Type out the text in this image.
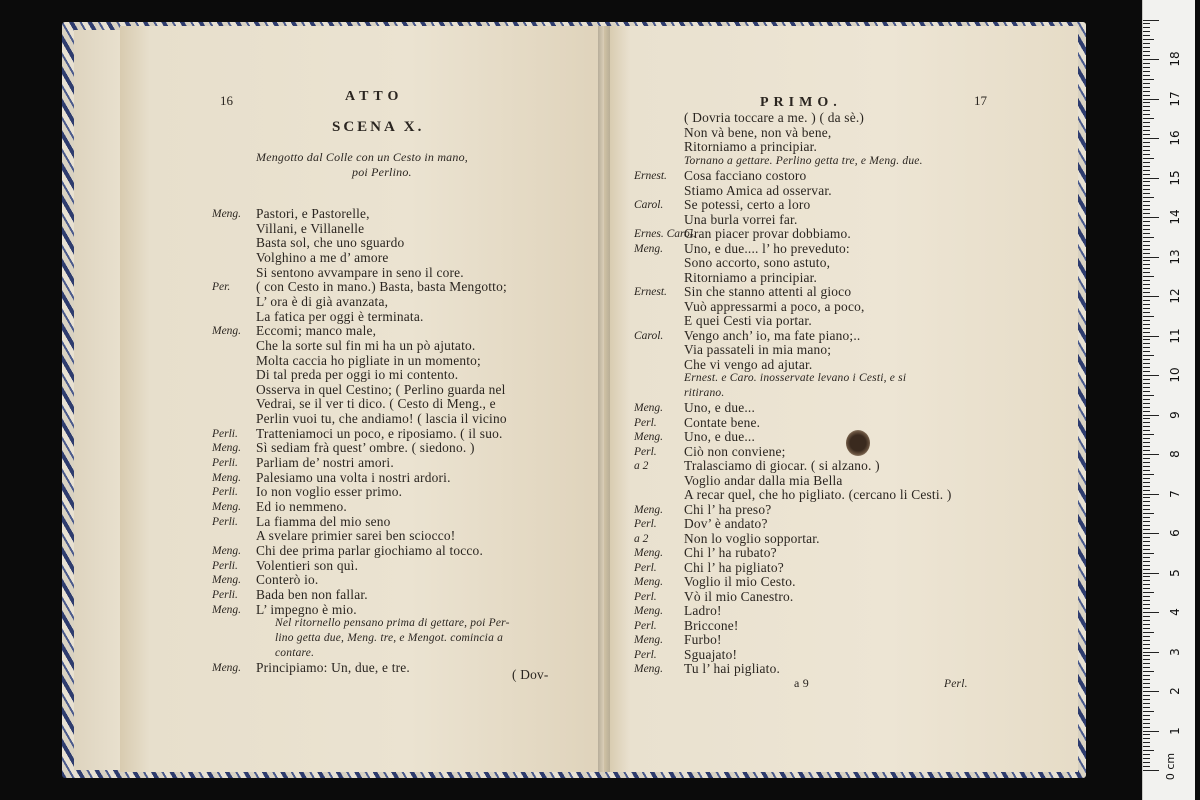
16	ATTO
SCENA X.
Mengotto dal Colle con un Cesto in mano,
poi Perlino.
Meng. Pastori, e Pastorelle,
Villani, e Villanelle
Basta sol, che uno sguardo
Volghino a me d’ amore
Si sentono avvampare in seno il core.
Per. ( con Cesto in mano.) Basta, basta Mengotto;
L’ ora è di già avanzata,
La fatica per oggi è terminata.
Meng. Eccomi; manco male,
Che la sorte sul fin mi ha un pò ajutato.
Molta caccia ho pigliate in un momento;
Di tal preda per oggi io mi contento.
Osserva in quel Cestino; ( Perlino guarda nel
Vedrai, se il ver ti dico. ( Cesto di Meng., e
Perlin vuoi tu, che andiamo! ( lascia il vicino
Perli. Tratteniamoci un poco, e riposiamo. ( il suo.
Meng. Sì sediam frà quest’ ombre. ( siedono. )
Perli. Parliam de’ nostri amori.
Meng. Palesiamo una volta i nostri ardori.
Perli. Io non voglio esser primo.
Meng. Ed io nemmeno.
Perli. La fiamma del mio seno
A svelare primier sarei ben sciocco!
Meng. Chi dee prima parlar giochiamo al tocco.
Perli. Volentieri son quì.
Meng. Conterò io.
Perli. Bada ben non fallar.
Meng. L’ impegno è mio.
Nel ritornello pensano prima di gettare, poi Per-
lino getta due, Meng. tre, e Mengot. comincia a
contare.
Meng. Principiamo: Un, due, e tre.	( Dov-
PRIMO.	17
( Dovria toccare a me. ) ( da sè.)
Non và bene, non và bene,
Ritorniamo a principiar.
Tornano a gettare. Perlino getta tre, e Meng. due.
Ernest. Cosa facciano costoro
Stiamo Amica ad osservar.
Carol. Se potessi, certo a loro
Una burla vorrei far.
Ernes. Carol.
Gran piacer provar dobbiamo.
Meng. Uno, e due.... l’ ho preveduto:
Sono accorto, sono astuto,
Ritorniamo a principiar.
Ernest. Sin che stanno attenti al gioco
Vuò appressarmi a poco, a poco,
E quei Cesti via portar.
Carol. Vengo anch’ io, ma fate piano;..
Via passateli in mia mano;
Che vi vengo ad ajutar.
Ernest. e Caro. inosservate levano i Cesti, e si
ritirano.
Meng. Uno, e due...
Perl. Contate bene.
Meng. Uno, e due...
Perl. Ciò non conviene;
a 2	Tralasciamo di giocar. ( si alzano. )
Voglio andar dalla mia Bella
A recar quel, che ho pigliato. (cercano li Cesti. )
Meng. Chi l’ ha preso?
Perl. Dov’ è andato?
a 2	Non lo voglio sopportar.
Meng. Chi l’ ha rubato?
Perl. Chi l’ ha pigliato?
Meng. Voglio il mio Cesto.
Perl. Vò il mio Canestro.
Meng. Ladro!
Perl. Briccone!
Meng. Furbo!
Perl. Sguajato!
Meng. Tu l’ hai pigliato.
a 9	Perl.
0 cm
18
17
16
15
14
13
12
11
10
9
8
7
6
5
4
3
2
1
